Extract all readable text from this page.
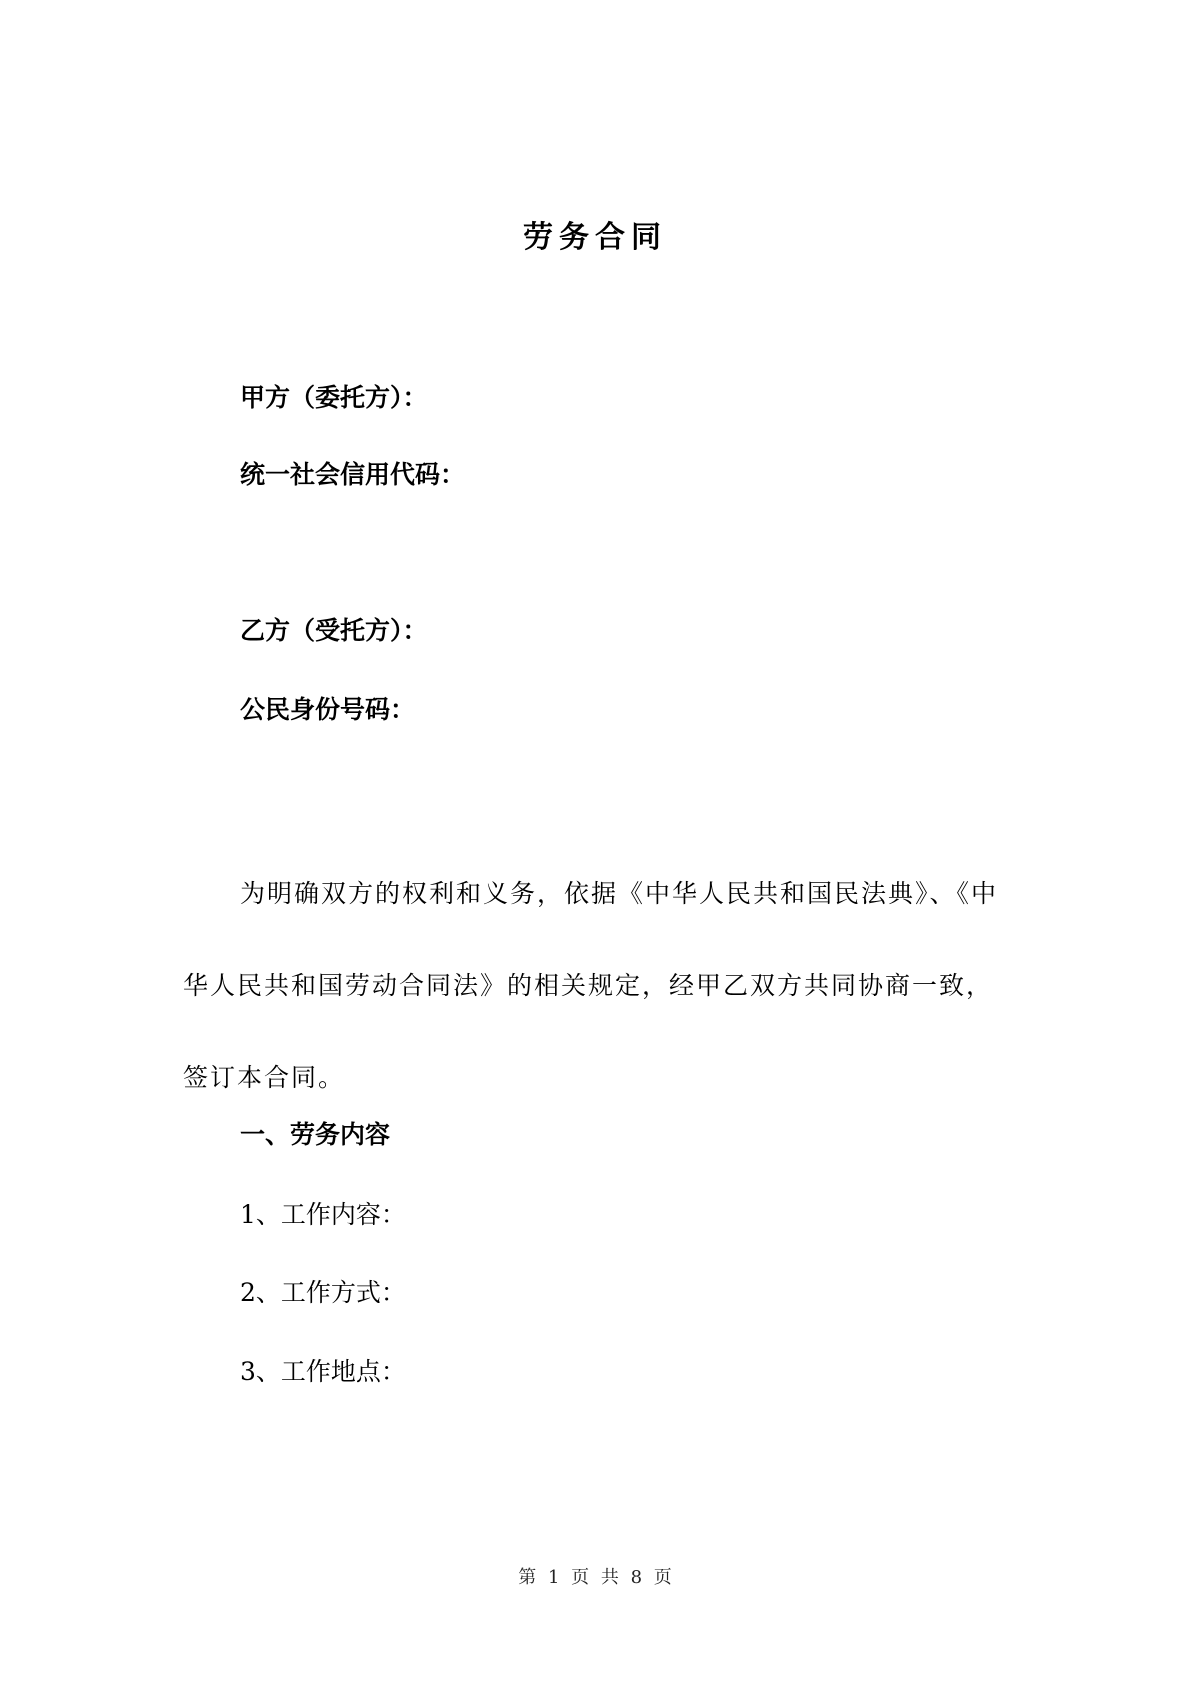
劳务合同
甲方（委托方）：
统一社会信用代码：
乙方（受托方）：
公民身份号码：
为明确双方的权利和义务，依据《中华人民共和国民法典》、《中华人民共和国劳动合同法》的相关规定，经甲乙双方共同协商一致，签订本合同。
一、劳务内容
1、工作内容：
2、工作方式：
3、工作地点：
第 1 页 共 8 页
